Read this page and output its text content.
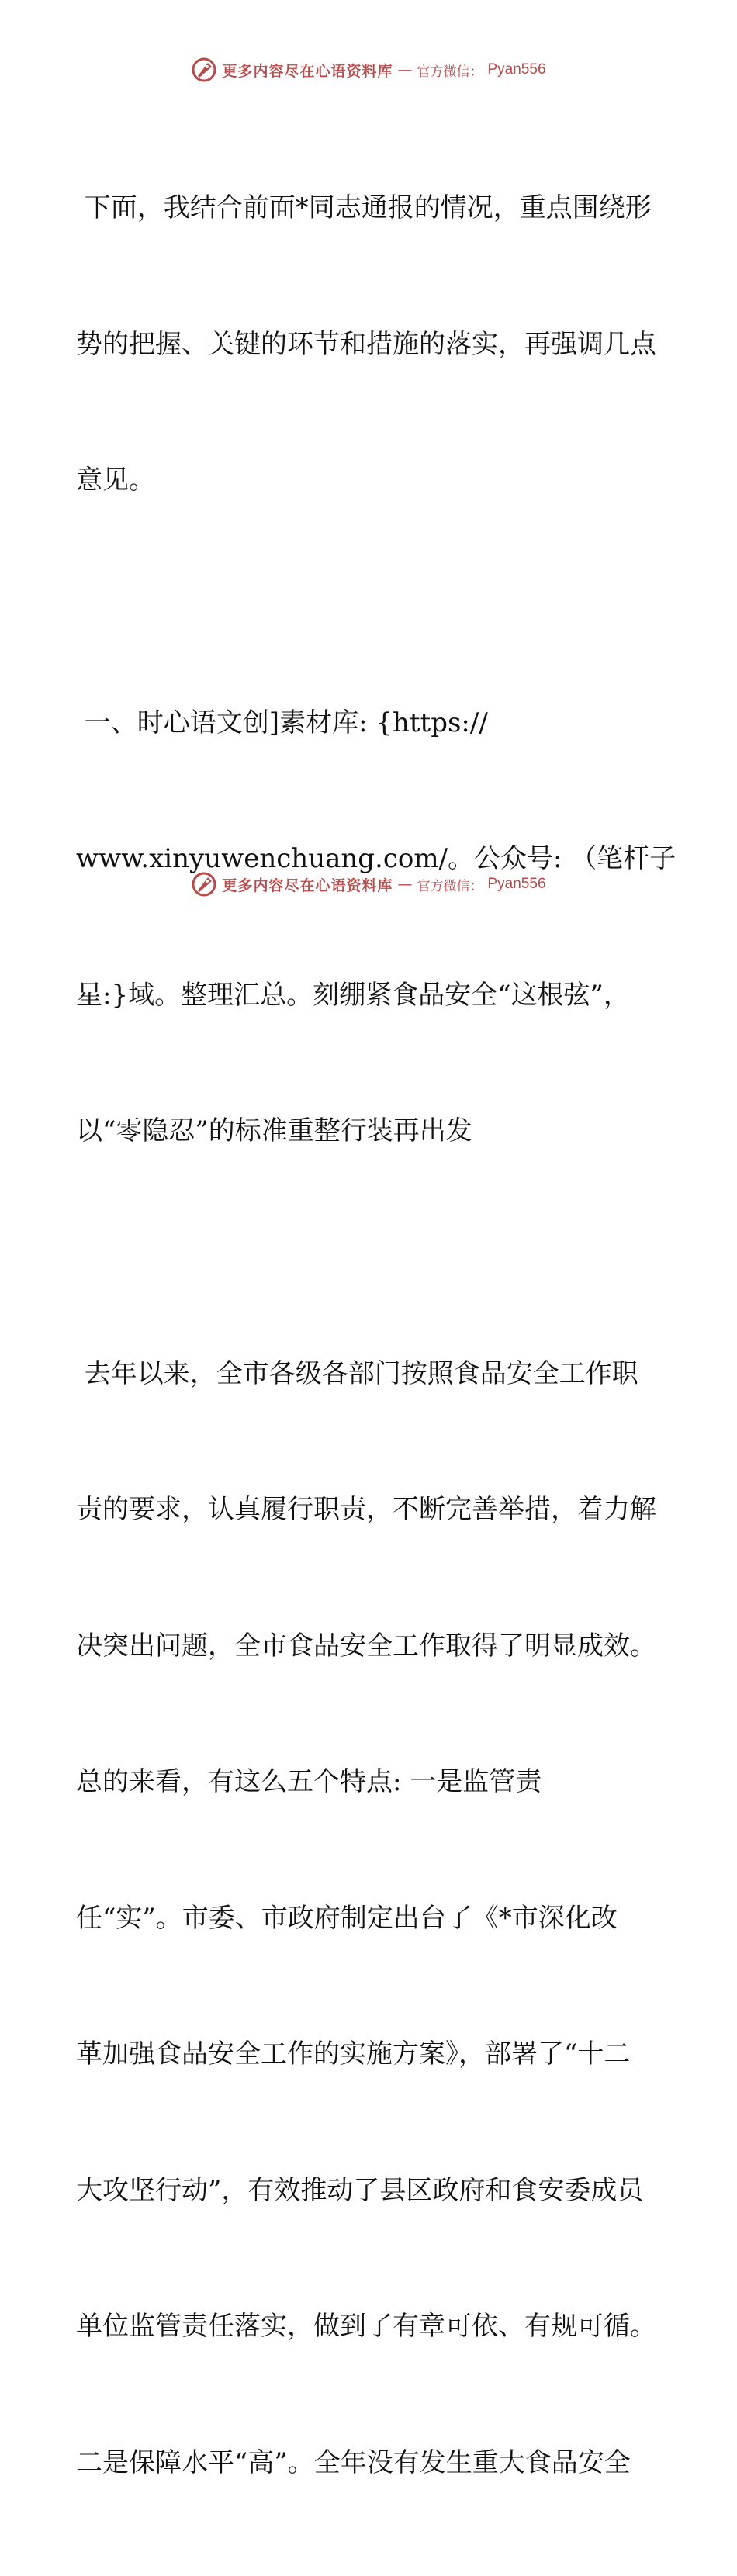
更多内容尽在心语资料库 — 官方微信： Pyan556

下面，我结合前面*同志通报的情况，重点围绕形

势的把握、关键的环节和措施的落实，再强调几点

意见。

一、时心语文创]素材库: {https://

www.xinyuwenchuang.com/。公众号: （笔杆子

星:}域。整理汇总。刻绷紧食品安全“这根弦”，

以“零隐忍”的标准重整行装再出发

去年以来，全市各级各部门按照食品安全工作职

责的要求，认真履行职责，不断完善举措，着力解

决突出问题，全市食品安全工作取得了明显成效。

总的来看，有这么五个特点: 一是监管责

任“实”。市委、市政府制定出台了《*市深化改

革加强食品安全工作的实施方案》，部署了“十二

大攻坚行动”，有效推动了县区政府和食安委成员

单位监管责任落实，做到了有章可依、有规可循。

二是保障水平“高”。全年没有发生重大食品安全

更多内容尽在心语资料库 — 官方微信： Pyan556
